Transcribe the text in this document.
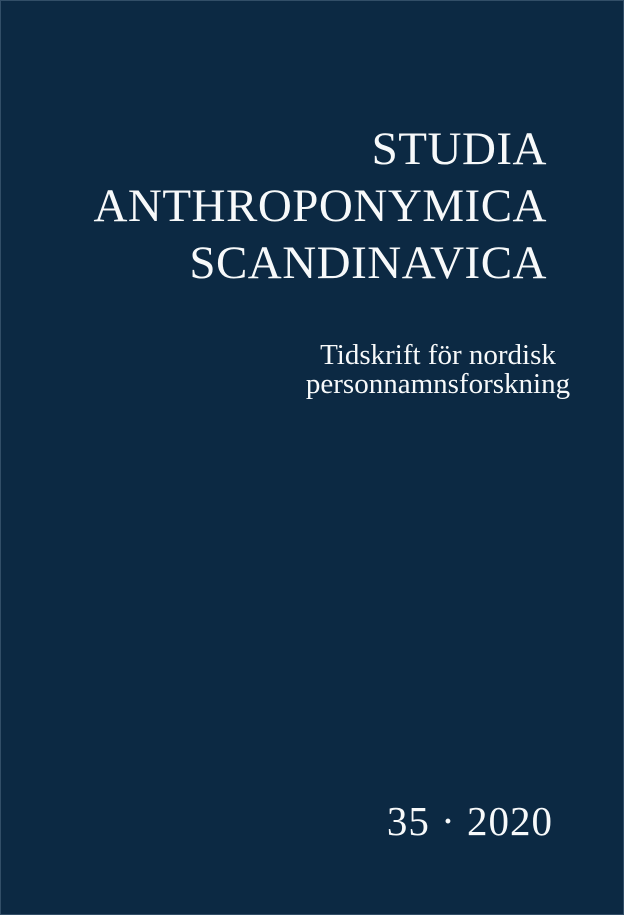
STUDIA
ANTHROPONYMICA
SCANDINAVICA
Tidskrift för nordisk
personnamnsforskning
35 · 2020
